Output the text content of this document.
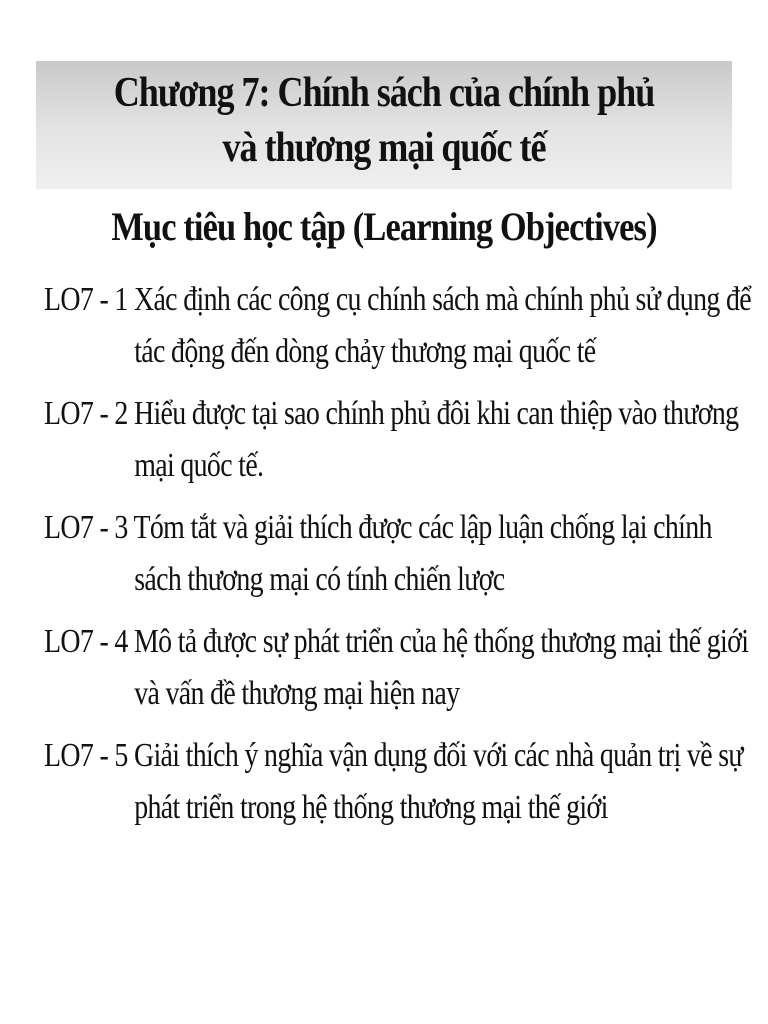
Chương 7: Chính sách của chính phủ
và thương mại quốc tế
Mục tiêu học tập (Learning Objectives)
LO7 - 1 Xác định các công cụ chính sách mà chính phủ sử dụng để
tác động đến dòng chảy thương mại quốc tế
LO7 - 2 Hiểu được tại sao chính phủ đôi khi can thiệp vào thương
mại quốc tế.
LO7 - 3 Tóm tắt và giải thích được các lập luận chống lại chính
sách thương mại có tính chiến lược
LO7 - 4 Mô tả được sự phát triển của hệ thống thương mại thế giới
và vấn đề thương mại hiện nay
LO7 - 5 Giải thích ý nghĩa vận dụng đối với các nhà quản trị về sự
phát triển trong hệ thống thương mại thế giới
